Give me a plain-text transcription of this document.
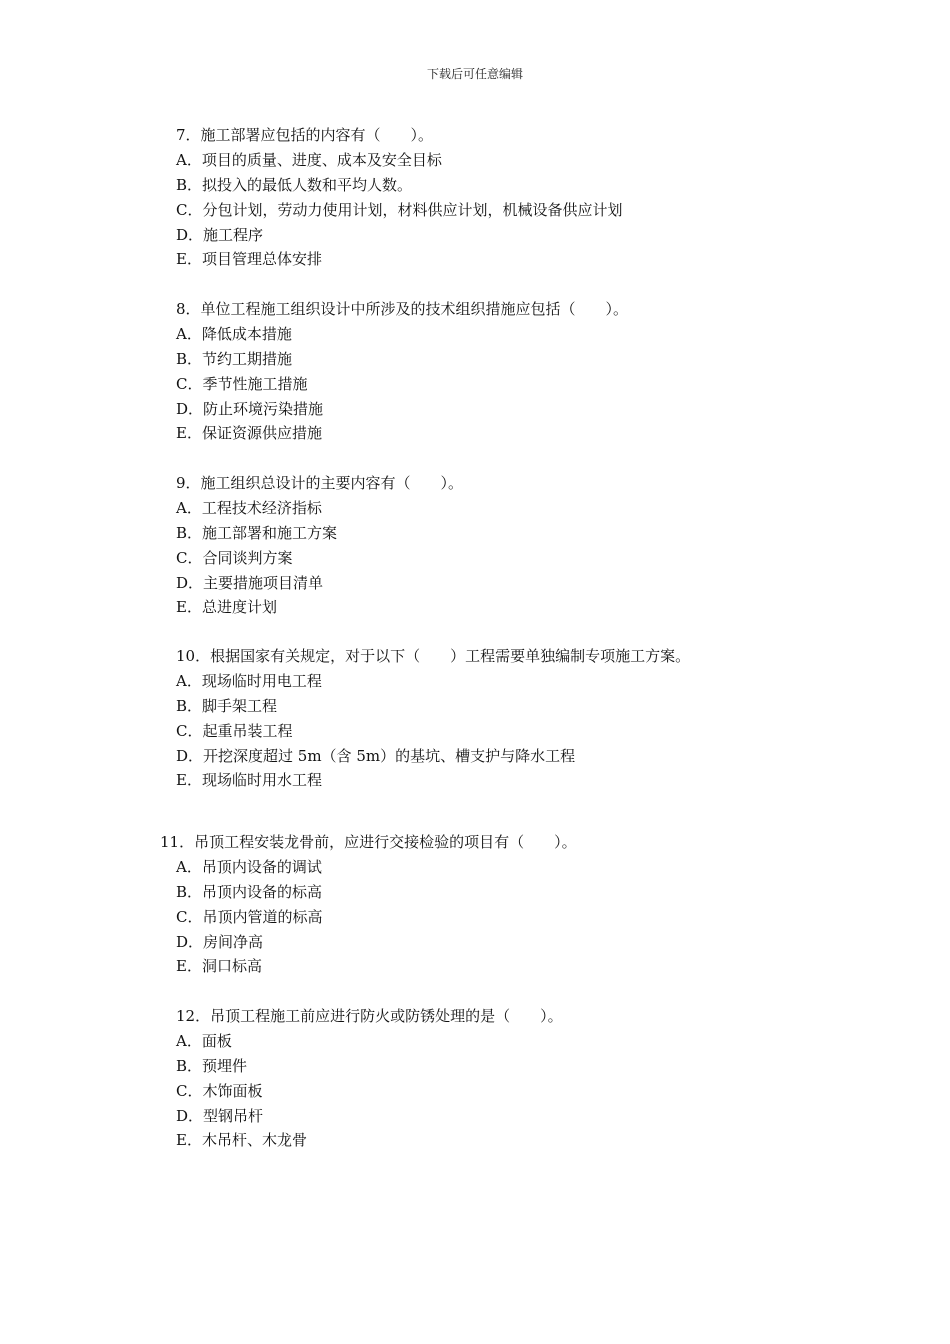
下载后可任意编辑
7．施工部署应包括的内容有（　　）。
A．项目的质量、进度、成本及安全目标
B．拟投入的最低人数和平均人数。
C．分包计划，劳动力使用计划，材料供应计划，机械设备供应计划
D．施工程序
E．项目管理总体安排
8．单位工程施工组织设计中所涉及的技术组织措施应包括（　　）。
A．降低成本措施
B．节约工期措施
C．季节性施工措施
D．防止环境污染措施
E．保证资源供应措施
9．施工组织总设计的主要内容有（　　）。
A．工程技术经济指标
B．施工部署和施工方案
C．合同谈判方案
D．主要措施项目清单
E．总进度计划
10．根据国家有关规定，对于以下（　　）工程需要单独编制专项施工方案。
A．现场临时用电工程
B．脚手架工程
C．起重吊装工程
D．开挖深度超过 5m（含 5m）的基坑、槽支护与降水工程
E．现场临时用水工程
11．吊顶工程安装龙骨前，应进行交接检验的项目有（　　）。
A．吊顶内设备的调试
B．吊顶内设备的标高
C．吊顶内管道的标高
D．房间净高
E．洞口标高
12．吊顶工程施工前应进行防火或防锈处理的是（　　）。
A．面板
B．预埋件
C．木饰面板
D．型钢吊杆
E．木吊杆、木龙骨
